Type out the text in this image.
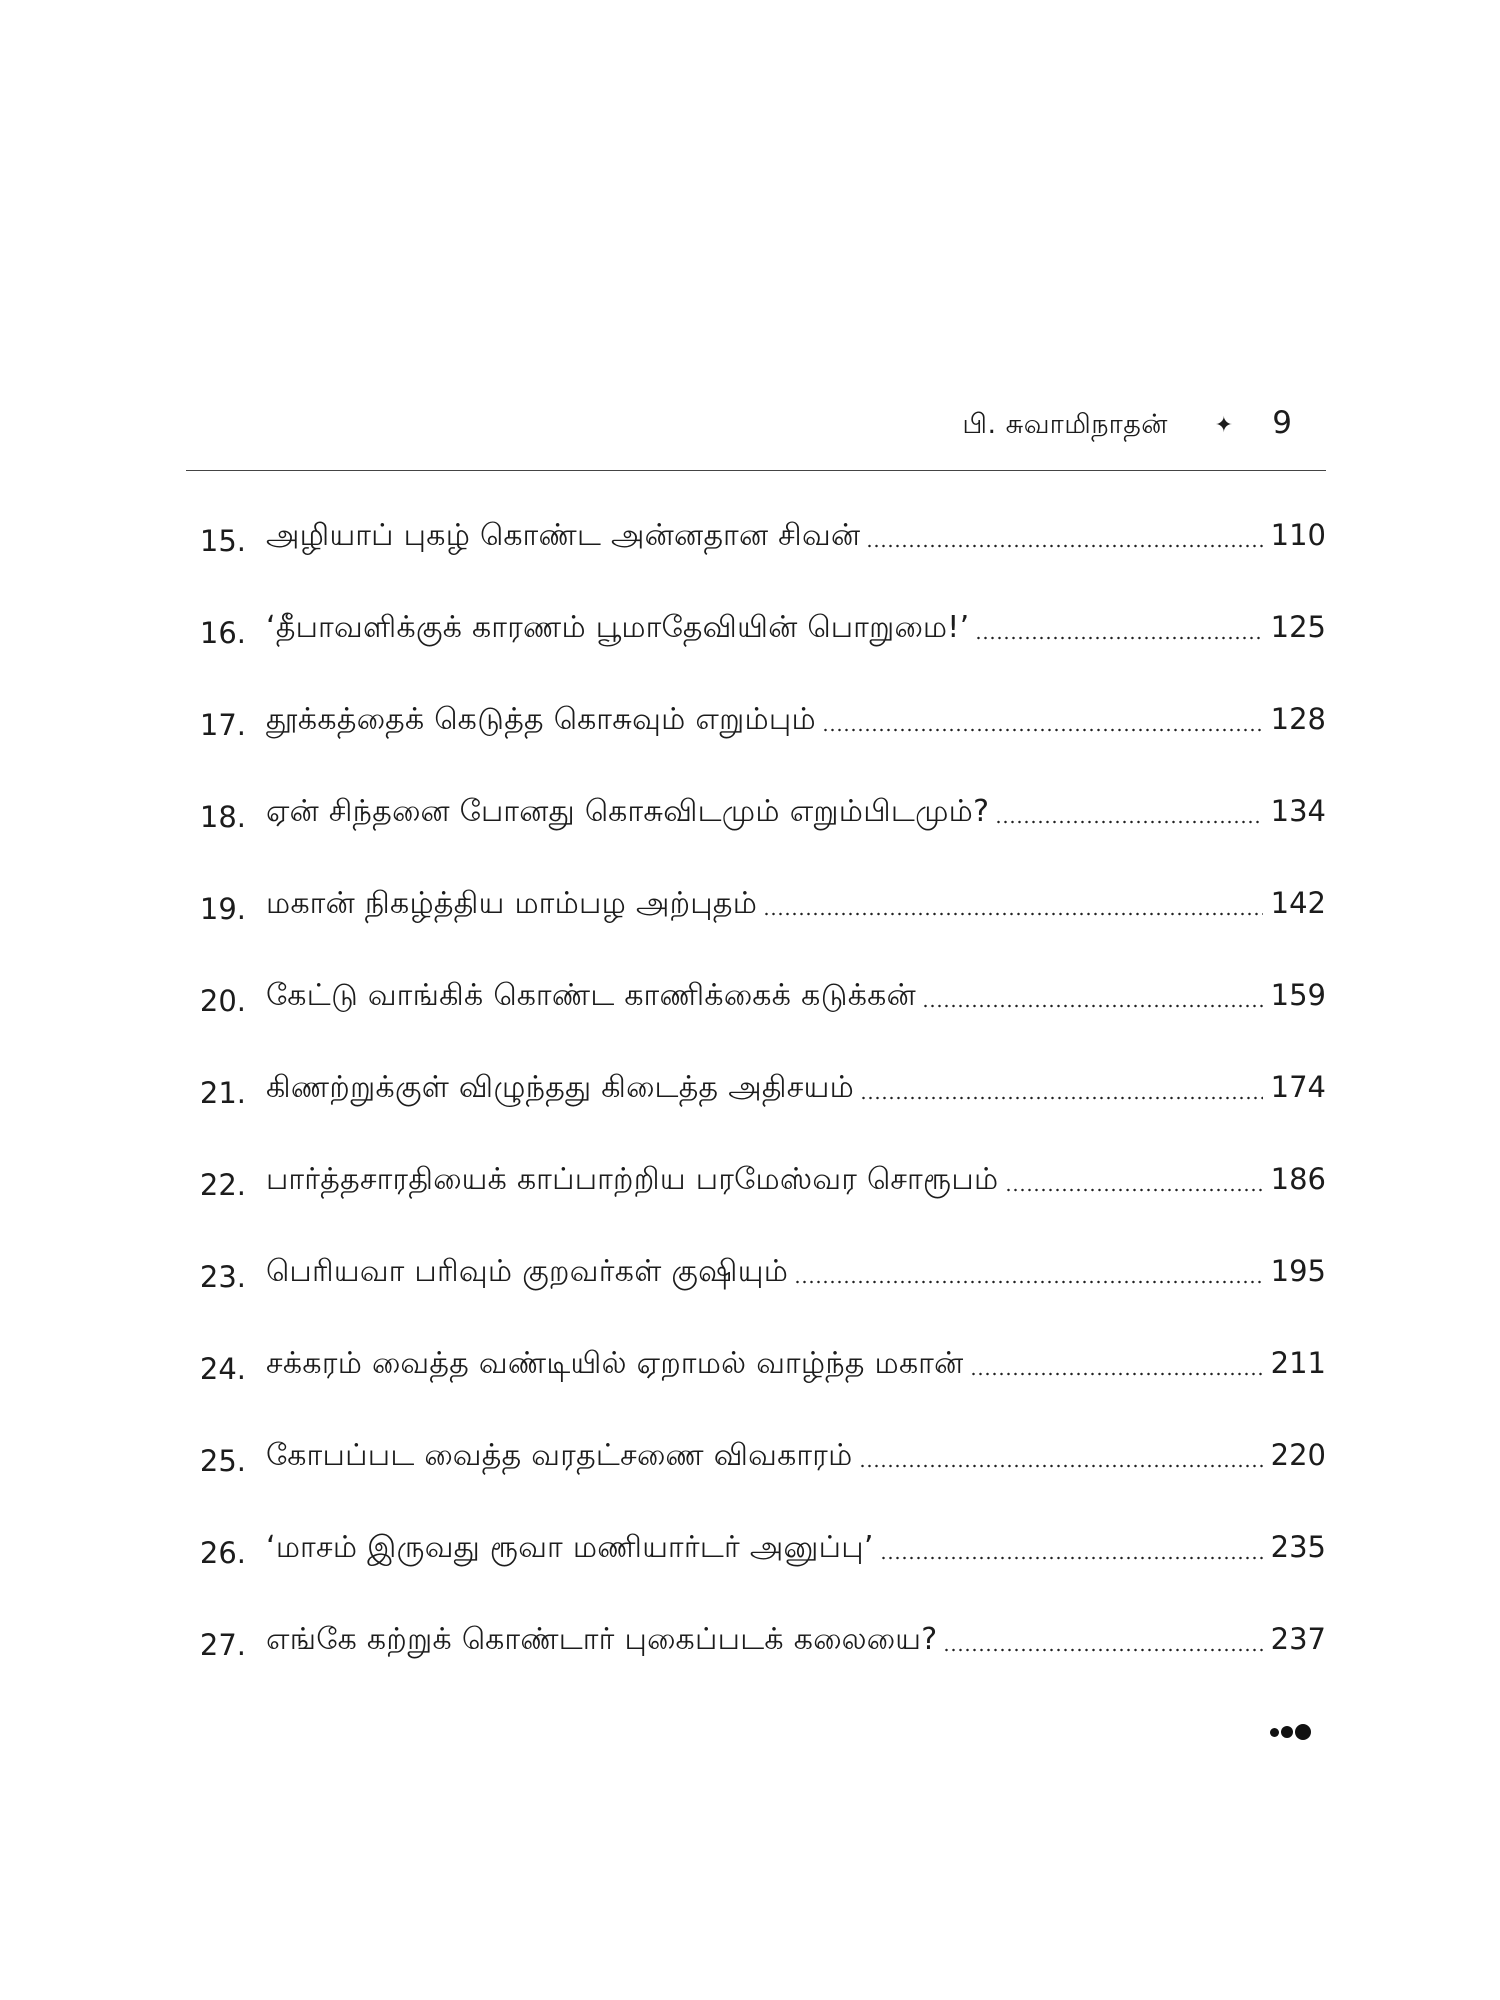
பி. சுவாமிநாதன் ✦ 9
15. அழியாப் புகழ் கொண்ட அன்னதான சிவன்	110
16. ‘தீபாவளிக்குக் காரணம் பூமாதேவியின் பொறுமை!’	125
17. தூக்கத்தைக் கெடுத்த கொசுவும் எறும்பும்	128
18. ஏன் சிந்தனை போனது கொசுவிடமும் எறும்பிடமும்?	134
19. மகான் நிகழ்த்திய மாம்பழ அற்புதம்	142
20. கேட்டு வாங்கிக் கொண்ட காணிக்கைக் கடுக்கன்	159
21. கிணற்றுக்குள் விழுந்தது கிடைத்த அதிசயம்	174
22. பார்த்தசாரதியைக் காப்பாற்றிய பரமேஸ்வர சொரூபம்	186
23. பெரியவா பரிவும் குறவர்கள் குஷியும்	195
24. சக்கரம் வைத்த வண்டியில் ஏறாமல் வாழ்ந்த மகான்	211
25. கோபப்பட வைத்த வரதட்சணை விவகாரம்	220
26. ‘மாசம் இருவது ரூவா மணியார்டர் அனுப்பு’	235
27. எங்கே கற்றுக் கொண்டார் புகைப்படக் கலையை?	237
